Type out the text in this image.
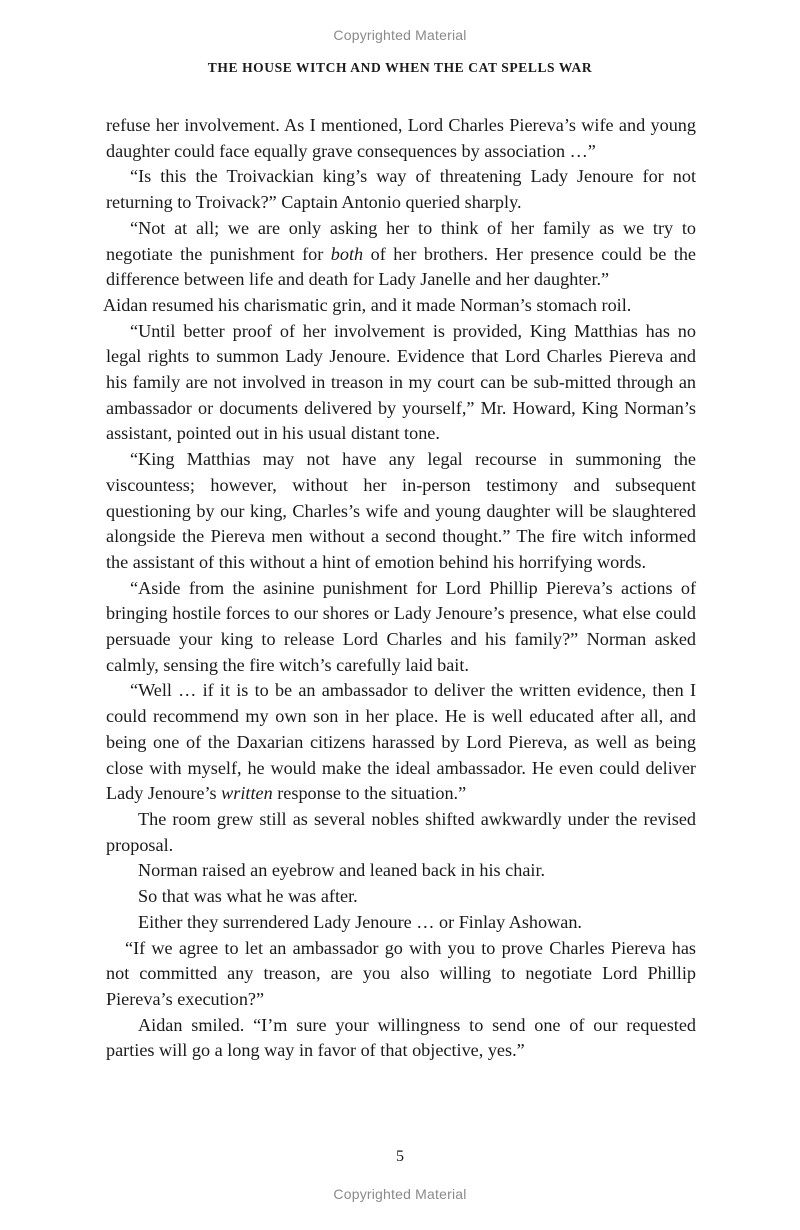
Copyrighted Material
THE HOUSE WITCH AND WHEN THE CAT SPELLS WAR

refuse her involvement. As I mentioned, Lord Charles Piereva’s wife and young daughter could face equally grave consequences by association …”

“Is this the Troivackian king’s way of threatening Lady Jenoure for not returning to Troivack?” Captain Antonio queried sharply.

“Not at all; we are only asking her to think of her family as we try to negotiate the punishment for both of her brothers. Her presence could be the difference between life and death for Lady Janelle and her daughter.”

Aidan resumed his charismatic grin, and it made Norman’s stomach roil.

“Until better proof of her involvement is provided, King Matthias has no legal rights to summon Lady Jenoure. Evidence that Lord Charles Piereva and his family are not involved in treason in my court can be sub-mitted through an ambassador or documents delivered by yourself,” Mr. Howard, King Norman’s assistant, pointed out in his usual distant tone.

“King Matthias may not have any legal recourse in summoning the viscountess; however, without her in-person testimony and subsequent questioning by our king, Charles’s wife and young daughter will be slaughtered alongside the Piereva men without a second thought.” The fire witch informed the assistant of this without a hint of emotion behind his horrifying words.

“Aside from the asinine punishment for Lord Phillip Piereva’s actions of bringing hostile forces to our shores or Lady Jenoure’s presence, what else could persuade your king to release Lord Charles and his family?” Norman asked calmly, sensing the fire witch’s carefully laid bait.

“Well … if it is to be an ambassador to deliver the written evidence, then I could recommend my own son in her place. He is well educated after all, and being one of the Daxarian citizens harassed by Lord Piereva, as well as being close with myself, he would make the ideal ambassador. He even could deliver Lady Jenoure’s written response to the situation.”

The room grew still as several nobles shifted awkwardly under the revised proposal.

Norman raised an eyebrow and leaned back in his chair.

So that was what he was after.

Either they surrendered Lady Jenoure … or Finlay Ashowan.

“If we agree to let an ambassador go with you to prove Charles Piereva has not committed any treason, are you also willing to negotiate Lord Phillip Piereva’s execution?”

Aidan smiled. “I’m sure your willingness to send one of our requested parties will go a long way in favor of that objective, yes.”

5
Copyrighted Material
